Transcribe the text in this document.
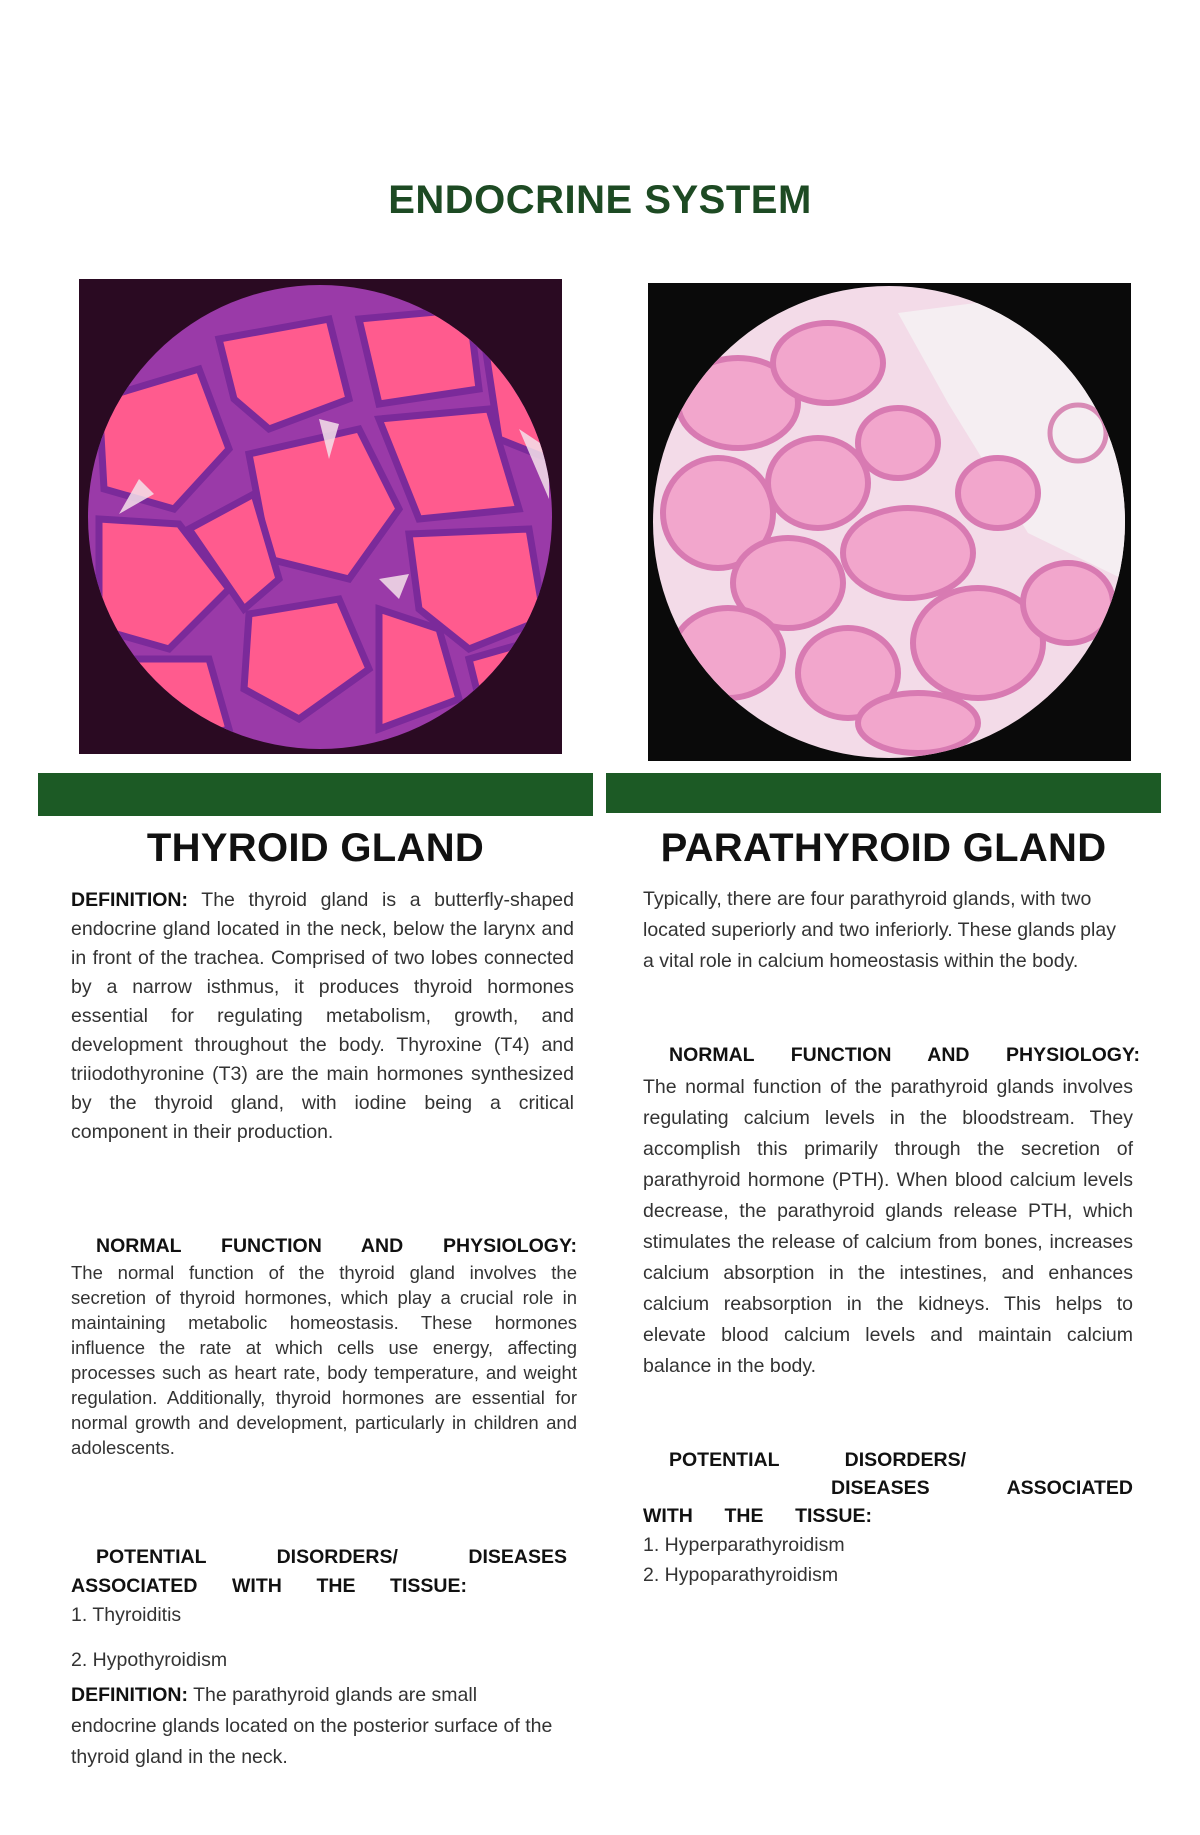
ENDOCRINE SYSTEM
THYROID GLAND
DEFINITION: The thyroid gland is a butterfly-shaped endocrine gland located in the neck, below the larynx and in front of the trachea. Comprised of two lobes connected by a narrow isthmus, it produces thyroid hormones essential for regulating metabolism, growth, and development throughout the body. Thyroxine (T4) and triiodothyronine (T3) are the main hormones synthesized by the thyroid gland, with iodine being a critical component in their production.
NORMAL FUNCTION AND PHYSIOLOGY:
The normal function of the thyroid gland involves the secretion of thyroid hormones, which play a crucial role in maintaining metabolic homeostasis. These hormones influence the rate at which cells use energy, affecting processes such as heart rate, body temperature, and weight regulation. Additionally, thyroid hormones are essential for normal growth and development, particularly in children and adolescents.
POTENTIAL DISORDERS/ DISEASES
ASSOCIATED WITH THE TISSUE:
1. Thyroiditis
2. Hypothyroidism
DEFINITION: The parathyroid glands are small endocrine glands located on the posterior surface of the thyroid gland in the neck.
PARATHYROID GLAND
Typically, there are four parathyroid glands, with two located superiorly and two inferiorly. These glands play a vital role in calcium homeostasis within the body.
NORMAL FUNCTION AND PHYSIOLOGY:
The normal function of the parathyroid glands involves regulating calcium levels in the bloodstream. They accomplish this primarily through the secretion of parathyroid hormone (PTH). When blood calcium levels decrease, the parathyroid glands release PTH, which stimulates the release of calcium from bones, increases calcium absorption in the intestines, and enhances calcium reabsorption in the kidneys. This helps to elevate blood calcium levels and maintain calcium balance in the body.
POTENTIAL DISORDERS/
DISEASES ASSOCIATED
WITH THE TISSUE:
1. Hyperparathyroidism
2. Hypoparathyroidism
